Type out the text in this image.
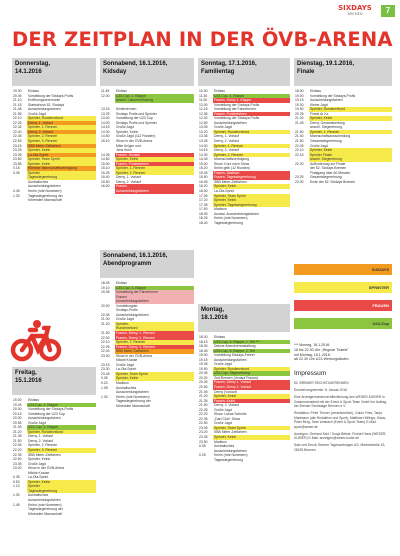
SIXDAYS
BREMEN	7
DER ZEITPLAN IN DER ÖVB-ARENA
Donnerstag,
14.1.2016
19.30	Einlass
20.45	Vorstellung der Sixdays-Profis
21.10	Eröffnungszeremonie
21.18	Startschuss 52. Sixdays
21.48	Ausscheidungsfahren
21.55	Große Jagd
22.10	Sprinter, Rundenrekord
22.25	Derny, 1. Vorlauf
22.32	Sprinter, 1. Rennen
22.40	Derny, 2. Vorlauf
22.45	Sprinter, 2. Rennen
22.53	Sprinter, 3. Rennen
23.15	SBB Meter-Zeitfahren
23.25	Sprinter, Keirin
23.35	La-Ola-Sprint
23.50	Sprinter, Team Sprint
23.55	Sprinter, Keirin
0.15	Wiedner Mannschaftsverfolgung
0.35	Sprinter
Tagesstegerehrung
Australisches
Ausscheidungsfahren
0.45	Keirin (rote Nummern)
1.30	Tagesstegerehrung der
führenden Mannschaft
Sonnabend, 16.1.2016,
Kidsday
11.45	Einlass
12.00	U23-Cup, 2. Etappe
anschl. Laeuerverlosung
13.15	Kinderrennen
13.25	Sixdays Profis und Sprinter
13.40	Vorstellung der U23 Cup
14.00	Sixdays Profis und Sprinter
14.15	Große Jagd
14.30	Sprinter, Keirin
14.50	Große Jagd (112 Runden)
15.10	Show in der ÖVB-Arena
Mike Krüger und
Jens Kuhn
14.35	Frauen, Scratch
14.50	Sprinter, Keirin
15.00	Frauen, Punktefahren
15.10	Sprinter, 1. Rennen
15.25	Sprinter, 2. Rennen
15.40	Derny, 1. Vorlauf
15.50	Derny, 2. Vorlauf
16.00	Frauen
Ausscheidungsfahren
Sonnabend, 16.1.2016,
Abendprogramm
18.45	Einlass
19.10	U23-Cup, 3. Etappe
19.35	Vorstellung der Fahrerinnen
Frauen
Ausscheidungsfahren
20.00	Vorstellungder
Sixdays-Profis
20.45	Ausscheidungsfahren
21.00	Große Jagd
21.20	Sprinter,
Rundenrekord
21.50	Frauen, Derny, 1. Rennen
22.00	Frauen, Derny, 2. Rennen
22.10	Sprinter, 2. Rennen
22.25	Frauen, Derny, 3. Rennen
22.40	SBB Meter-Zeitfahren
23.00	Show in der ÖVB-Arena
Mickie Krause
23.15	Große Jagd
23.30	La-Ola-Sprint
23.45	Sprinter, Team Sprint
0.05	Sprinter, Keirin
0.20	Madison
1.05	Australisches
Ausscheidungsfahren
1.30	Keirin (rote Nummern)
Tagesstegerehrung der
führenden Mannschaft
Freitag,
15.1.2016
19.00	Einlass
19.45	U23-Cup, 1. Etappe
20.00	Vorstellung der Sixdays-Profis
20.15	Vorstellung der U23 Cup
20.30	Ausscheidungsfahren
20.55	Große Jagd
21.05	U23-Cup, 1. Etappe
21.20	Sprinter, Rundenrekord
21.35	Derny, 1. Vorlauf
21.50	Derny, 2. Vorlauf
22.05	Sprinter, 2. Rennen
22.20	Sprinter, 3. Rennen
22.35	SBB Meter-Zeitfahren
22.50	Sprinter, Keirin
23.05	Große Jagd
23.20	Show in der ÖVB-Arena
Mickie Krause
0.35	La-Ola-Sprint
0.50	Sprinter, Keirin
1.10	Sprinter
Tagesstegerehrung
1.30	Australisches
Ausscheidungsfahren
1.45	Keirin (rote Nummern)
Tagesstegerehrung der
führenden Mannschaft
Sonntag, 17.1.2016,
Familientag
10.30	Einlass
11.30	U23-Cup, 4. Etappe
11.50	Frauen, Derny 1. Etappe
12.00	Vorstellung der Sixdays-Profis
12.15	Vorstellung der Fahrerinnen
12.35	Frauen, Punktefahren
12.40	Vorstellung der Sixdays-Profis
12.50	Ausscheidungsfahren
13.05	Große Jagd
13.20	Sprinter, Rundenrekord
13.35	Derny, 1. Vorlauf
13.45	Derny, 2. Vorlauf
14.00	Sprinter, 1. Rennen
14.15	Derny, 3. Vorlauf
14.30	Sprinter, 2. Rennen
14.45	Mannschaftsverfolgung
15.00	Show: Kurz nach Show
15.20	Keirin gelb (12 Runden)
15.35	Frauen, Madison
15.50	Frauen, Tagesstegerehrung
16.05	SBB Meter-Zeitfahren
16.20	Sprinter, Keirin
16.40	La-Ola-Sprint
17.05	Sprinter, Team Sprint
17.20	Sprinter, Keirin
17.35	Sprinter, Tagesstegerehrung
17.50	Madison
18.05	Austral. Ausscheidungsfahren
18.25	Keirin (rote Nummern)
18.40	Tagesstegerehrung
Montag,
18.1.2016
18.00	Einlass
18.15	U23-Cup, 5. Etappe, 1. Teil ***
18.30	Deluxe Abendveranstaltung
18.45	U23-Cup, 5. Etappe, 2. Teil
19.00	Vorstellung Sixdays-Fahrer
19.15	Ausscheidungsfahren
19.35	Große Jagd
19.50	Sprinter, Rundenrekord
20.05	U23-Cup, Siegerehrung
20.20	Zeit-Rennen (Vorlauf Frauen)
20.35	Frauen, Derny 1. Vorlauf
20.50	Frauen, Derny 2. Vorlauf
21.05	Derny (Vorlauf)
21.20	Sprinter, Keirin
21.35	Frauen, Keirin
21.50	Derny, 3. Vorlauf
22.05	Große Jagd
22.20	Show: Lukas Schmitz
22.35	„Dart Club" Show
22.50	Große Jagd
23.05	Sprinter, Team Sprint
23.20	SBB Meter-Zeitfahren
23.35	Sprinter, Keirin
23.50	Madison
0.05	Australisches
Ausscheidungsfahren
0.25	Keirin (rote Nummern)
Tagesstegerehrung
Dienstag, 19.1.2016,
Finale
18.00	Einlass
19.00	Vorstellung der Sixdays-Profis
19.15	Ausscheidungsfahren
19.30	Kleine Jagd
19.50	Sprinter, Rundenrekord
20.25	Finest Ar Kx
21.30	Sprinter, Keirin
21.45	Derny, Gesamtwertung
anschl. Siegerehrung
21.50	Sprinter, 1. Rennen
21.40	Mannschaftsausscheidung
21.50	Gesamtsiegerehrung
22.05	Große Jagd
22.10	Sprinter, Keirin
22.15	Sprinter Finale
anschl. Siegerehrung
22.20	Aufforderung zur Finale
der 52. Sixdays Bremen
Finalgang über 60 Minuten
23.25	Gesamtsiegerehrung
23.30	Ende der 52. Sixdays Bremen
SIXDAYS
SPRINTER
FRAUEN
U23-Cup
*** Montag, 18.1.2016:
18 bis 22.30 Uhr „Regular Tickets"
mit Montag, 18.1.2016:
ab 22.30 Uhr U23-Wertungsläufen
Impressum
52. BREMER SECHSTAGERENNEN
Erscheinungstermin: 8. Januar 2016
Eine Anzeigensonderveröffentlichung des WESER-KURIER in Zusammenarbeit mit der Event & Sport-Team GmbH im Auftrag der Bremer Sechstage Rennen e.V.
Redaktion: Peter Theuer (verantwortlich), Guido Fries, Tanja Martmann (alle Redaktion und Sport), Matthias Höllings, Klaus-Peter Berg, Sven Ansbach (Event & Sport-Team) E-Mail: sport@weser.de
Anzeigen: Gerhard Schl / Sonja Bittner, Findorf Haus (WESER-KURIER) E-Mail: anzeigen@weser-kurier.de
Satz und Druck: Bremer Tageszeitungen AG, Martinistraße 43, 28195 Bremen
